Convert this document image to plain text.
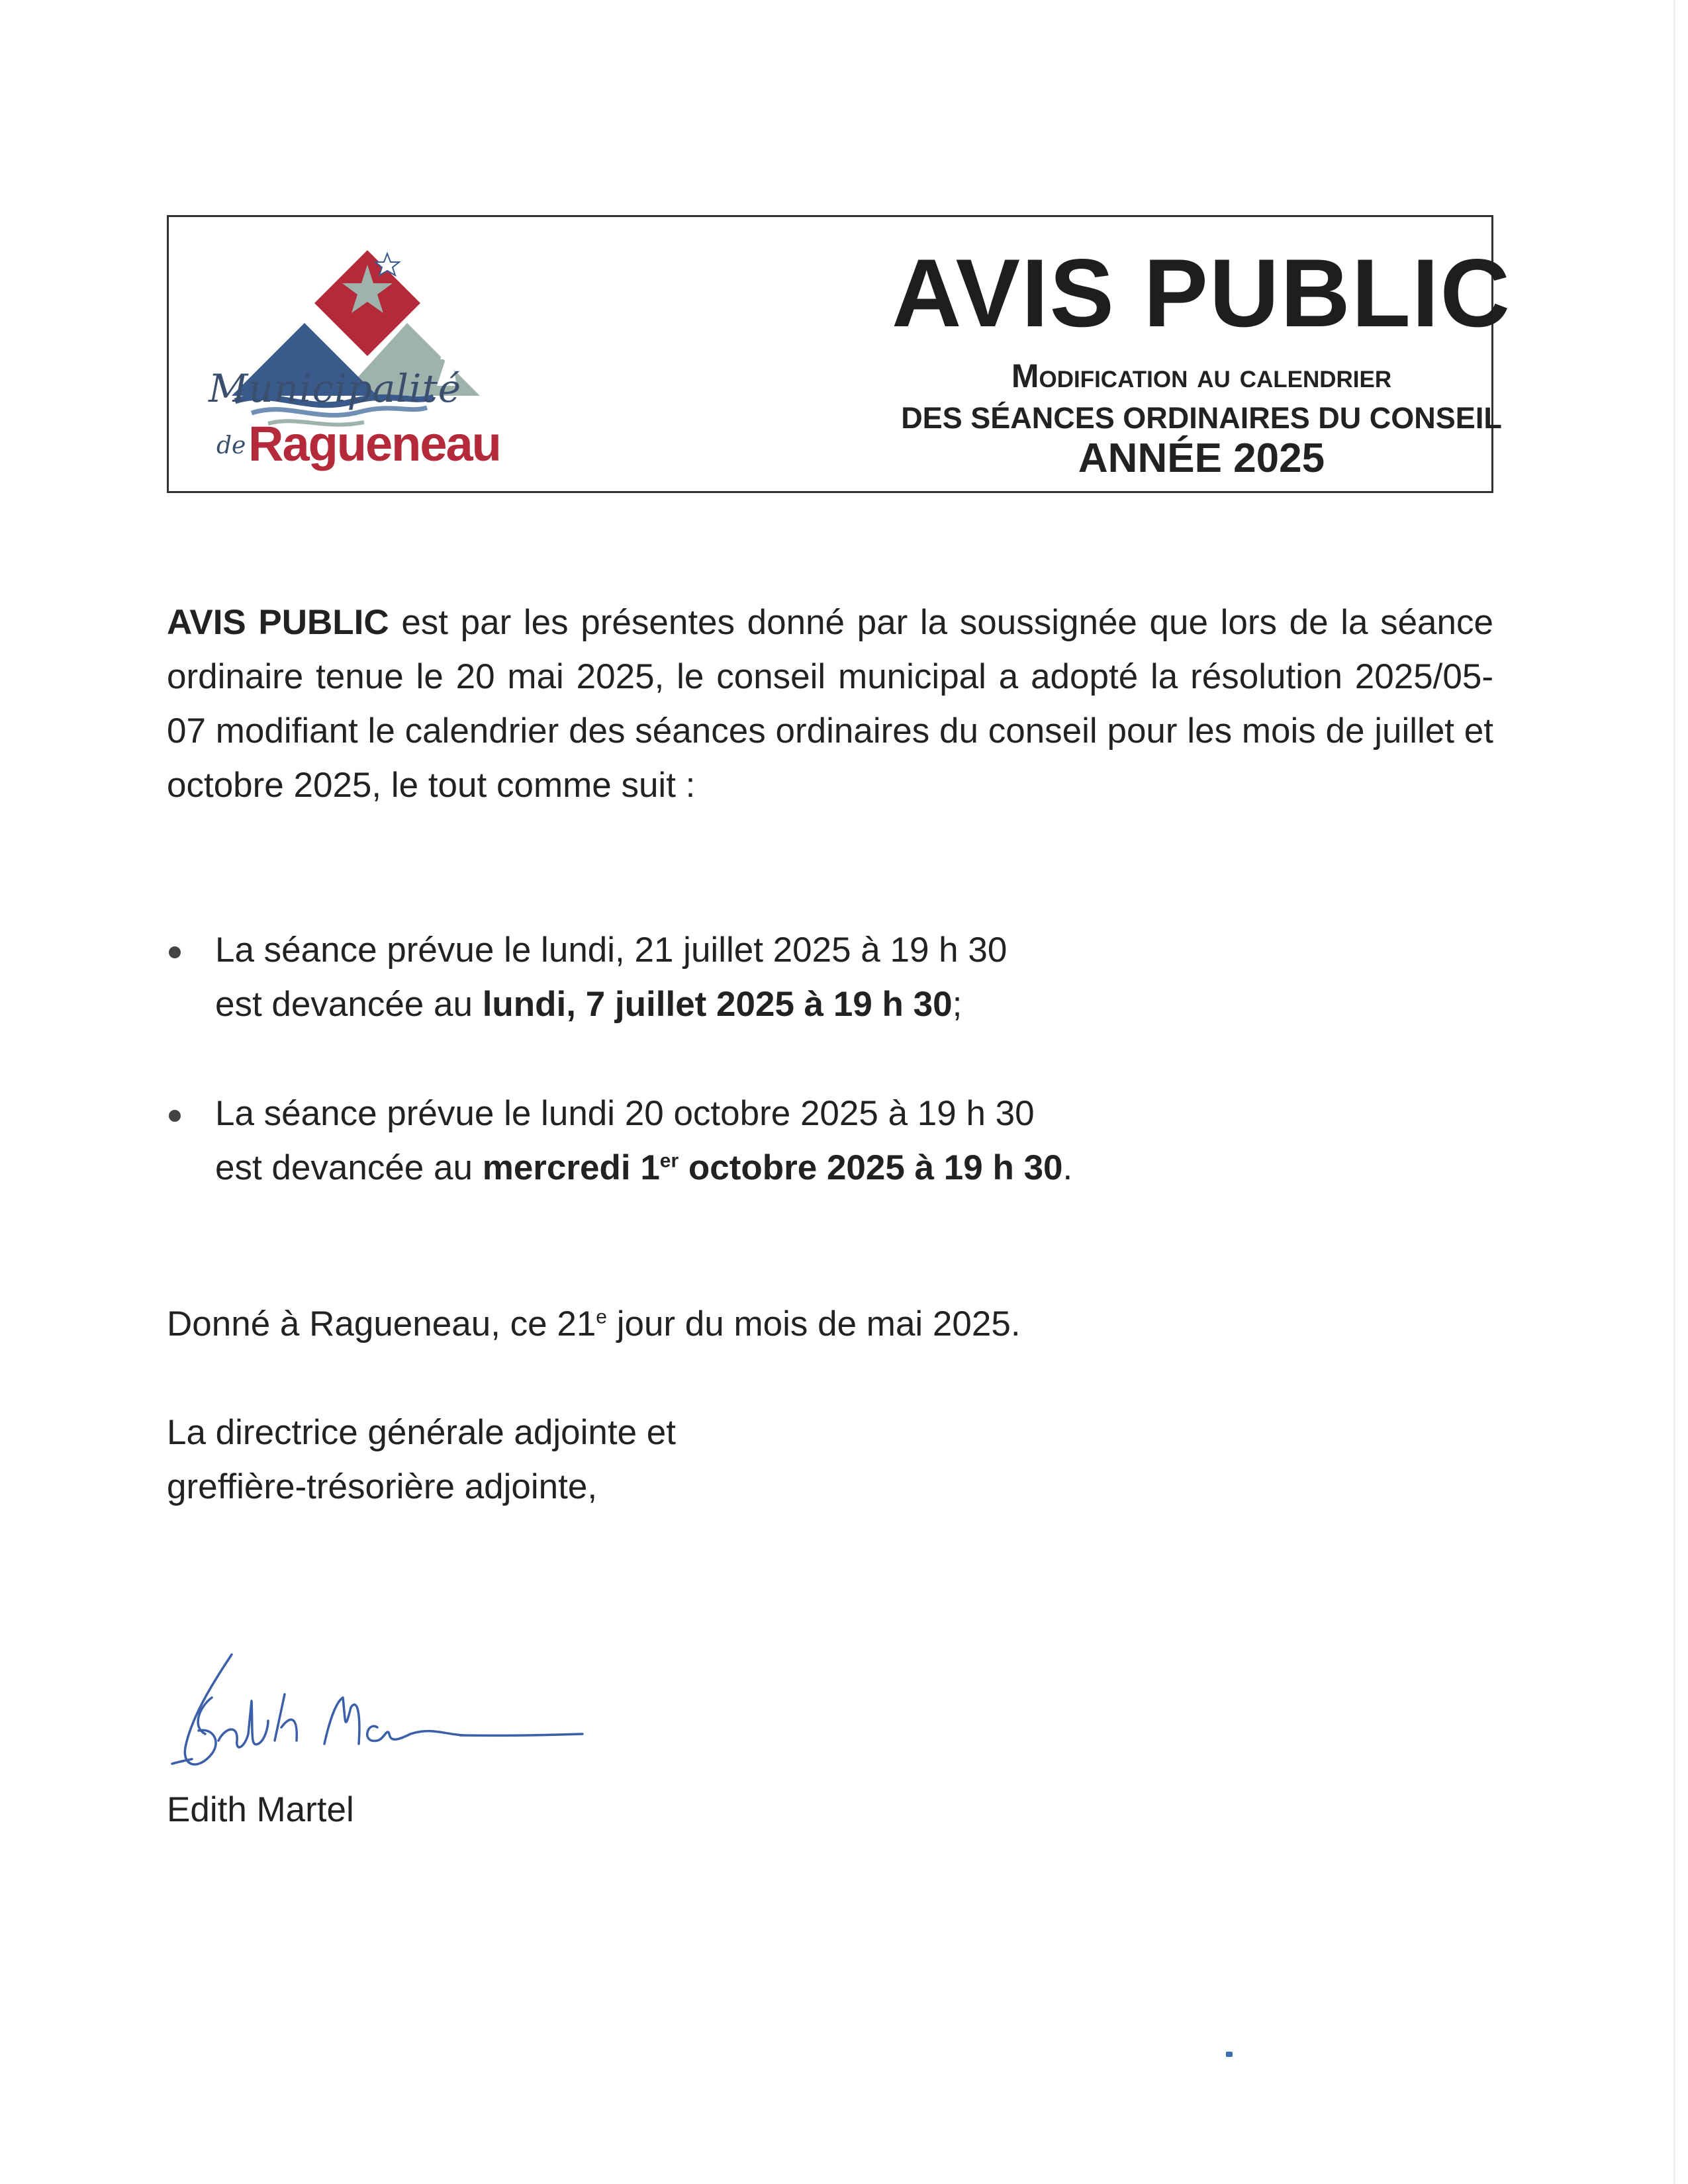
Municipalité
de Ragueneau
AVIS PUBLIC
Modification au calendrier
DES SÉANCES ORDINAIRES DU CONSEIL
ANNÉE 2025

AVIS PUBLIC est par les présentes donné par la soussignée que lors de la séance ordinaire tenue le 20 mai 2025, le conseil municipal a adopté la résolution 2025/05-07 modifiant le calendrier des séances ordinaires du conseil pour les mois de juillet et octobre 2025, le tout comme suit :

La séance prévue le lundi, 21 juillet 2025 à 19 h 30
est devancée au lundi, 7 juillet 2025 à 19 h 30;
La séance prévue le lundi 20 octobre 2025 à 19 h 30
est devancée au mercredi 1er octobre 2025 à 19 h 30.

Donné à Ragueneau, ce 21e jour du mois de mai 2025.

La directrice générale adjointe et
greffière-trésorière adjointe,

Edith Martel
